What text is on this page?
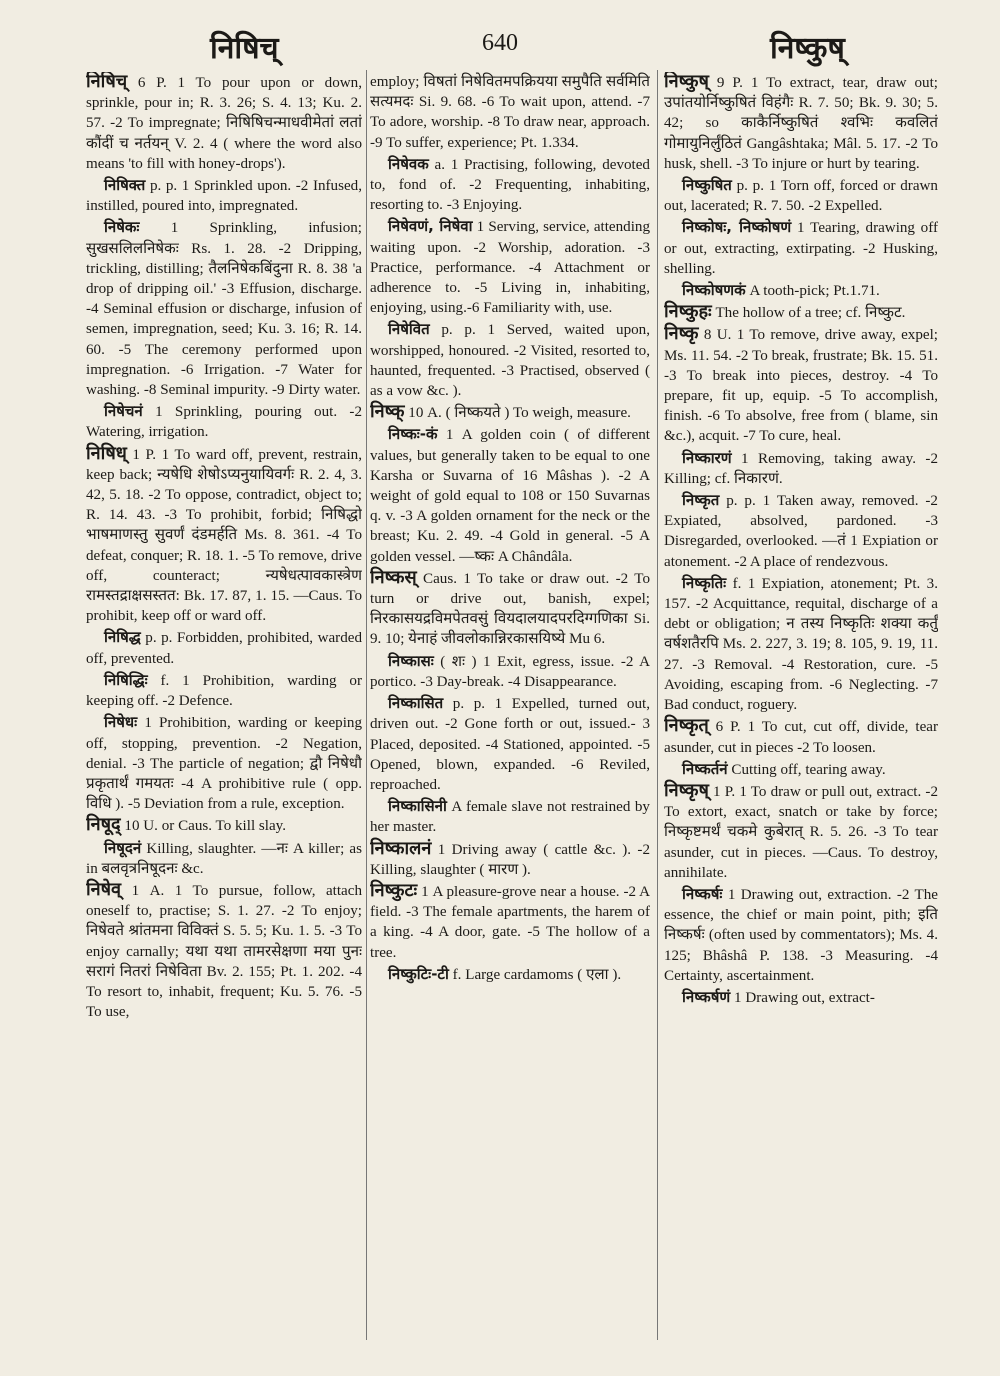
निषिच्	640	निष्कुष्

निषिच् 6 P. 1 To pour upon or down, sprinkle, pour in; R. 3. 26; S. 4. 13; Ku. 2. 57. -2 To impregnate; निषिषिचन्माधवीमेतां लतां कौंदीं च नर्तयन् V. 2. 4 ( where the word also means 'to fill with honey-drops').

निषिक्त p. p. 1 Sprinkled upon. -2 Infused, instilled, poured into, impregnated.

निषेकः 1 Sprinkling, infusion; सुखसलिलनिषेकः Rs. 1. 28. -2 Dripping, trickling, distilling; तैलनिषेकबिंदुना R. 8. 38 'a drop of dripping oil.' -3 Effusion, discharge. -4 Seminal effusion or discharge, infusion of semen, impregnation, seed; Ku. 3. 16; R. 14. 60. -5 The ceremony performed upon impregnation. -6 Irrigation. -7 Water for washing. -8 Seminal impurity. -9 Dirty water.

निषेचनं 1 Sprinkling, pouring out. -2 Watering, irrigation.

निषिध् 1 P. 1 To ward off, prevent, restrain, keep back; न्यषेधि शेषोऽप्यनुयायिवर्गः R. 2. 4, 3. 42, 5. 18. -2 To oppose, contradict, object to; R. 14. 43. -3 To prohibit, forbid; निषिद्धो भाषमाणस्तु सुवर्णं दंडमर्हति Ms. 8. 361. -4 To defeat, conquer; R. 18. 1. -5 To remove, drive off, counteract; न्यषेधत्पावकास्त्रेण रामस्तद्राक्षसस्तत: Bk. 17. 87, 1. 15. —Caus. To prohibit, keep off or ward off.

निषिद्ध p. p. Forbidden, prohibited, warded off, prevented.

निषिद्धिः f. 1 Prohibition, warding or keeping off. -2 Defence.

निषेधः 1 Prohibition, warding or keeping off, stopping, prevention. -2 Negation, denial. -3 The particle of negation; द्वौ निषेधौ प्रकृतार्थं गमयतः -4 A prohibitive rule ( opp. विधि ). -5 Deviation from a rule, exception.

निषूद् 10 U. or Caus. To kill slay.

निषूदनं Killing, slaughter. —नः A killer; as in बलवृत्रनिषूदनः &c.

निषेव् 1 A. 1 To pursue, follow, attach oneself to, practise; S. 1. 27. -2 To enjoy; निषेवते श्रांतमना विविक्तं S. 5. 5; Ku. 1. 5. -3 To enjoy carnally; यथा यथा तामरसेक्षणा मया पुनः सरागं नितरां निषेविता Bv. 2. 155; Pt. 1. 202. -4 To resort to, inhabit, frequent; Ku. 5. 76. -5 To use,

employ; विषतां निषेवितमपक्रियया समुपैति सर्वमिति सत्यमदः Si. 9. 68. -6 To wait upon, attend. -7 To adore, worship. -8 To draw near, approach. -9 To suffer, experience; Pt. 1.334.

निषेवक a. 1 Practising, following, devoted to, fond of. -2 Frequenting, inhabiting, resorting to. -3 Enjoying.

निषेवणं, निषेवा 1 Serving, service, attending waiting upon. -2 Worship, adoration. -3 Practice, performance. -4 Attachment or adherence to. -5 Living in, inhabiting, enjoying, using.-6 Familiarity with, use.

निषेवित p. p. 1 Served, waited upon, worshipped, honoured. -2 Visited, resorted to, haunted, frequented. -3 Practised, observed ( as a vow &c. ).

निष्क् 10 A. ( निष्कयते ) To weigh, measure.

निष्कः-कं 1 A golden coin ( of different values, but generally taken to be equal to one Karsha or Suvarna of 16 Mâshas ). -2 A weight of gold equal to 108 or 150 Suvarnas q. v. -3 A golden ornament for the neck or the breast; Ku. 2. 49. -4 Gold in general. -5 A golden vessel. —ष्कः A Chândâla.

निष्कस् Caus. 1 To take or draw out. -2 To turn or drive out, banish, expel; निरकासयद्रविमपेतवसुं वियदालयादपरदिग्गणिका Si. 9. 10; येनाहं जीवलोकान्निरकासयिष्ये Mu 6.

निष्कासः ( शः ) 1 Exit, egress, issue. -2 A portico. -3 Day-break. -4 Disappearance.

निष्कासित p. p. 1 Expelled, turned out, driven out. -2 Gone forth or out, issued.- 3 Placed, deposited. -4 Stationed, appointed. -5 Opened, blown, expanded. -6 Reviled, reproached.

निष्कासिनी A female slave not restrained by her master.

निष्कालनं 1 Driving away ( cattle &c. ). -2 Killing, slaughter ( मारण ).

निष्कुटः 1 A pleasure-grove near a house. -2 A field. -3 The female apartments, the harem of a king. -4 A door, gate. -5 The hollow of a tree.

निष्कुटिः-टी f. Large cardamoms ( एला ).

निष्कुष् 9 P. 1 To extract, tear, draw out; उपांतयोर्निष्कुषितं विहंगैः R. 7. 50; Bk. 9. 30; 5. 42; so काकैर्निष्कुषितं श्वभिः कवलितं गोमायुनिर्लुंठितं Gangâshtaka; Mâl. 5. 17. -2 To husk, shell. -3 To injure or hurt by tearing.

निष्कुषित p. p. 1 Torn off, forced or drawn out, lacerated; R. 7. 50. -2 Expelled.

निष्कोषः, निष्कोषणं 1 Tearing, drawing off or out, extracting, extirpating. -2 Husking, shelling.

निष्कोषणकं A tooth-pick; Pt.1.71.

निष्कुहः The hollow of a tree; cf. निष्कुट.

निष्कृ 8 U. 1 To remove, drive away, expel; Ms. 11. 54. -2 To break, frustrate; Bk. 15. 51. -3 To break into pieces, destroy. -4 To prepare, fit up, equip. -5 To accomplish, finish. -6 To absolve, free from ( blame, sin &c.), acquit. -7 To cure, heal.

निष्कारणं 1 Removing, taking away. -2 Killing; cf. निकारणं.

निष्कृत p. p. 1 Taken away, removed. -2 Expiated, absolved, pardoned. -3 Disregarded, overlooked. —तं 1 Expiation or atonement. -2 A place of rendezvous.

निष्कृतिः f. 1 Expiation, atonement; Pt. 3. 157. -2 Acquittance, requital, discharge of a debt or obligation; न तस्य निष्कृतिः शक्या कर्तुं वर्षशतैरपि Ms. 2. 227, 3. 19; 8. 105, 9. 19, 11. 27. -3 Removal. -4 Restoration, cure. -5 Avoiding, escaping from. -6 Neglecting. -7 Bad conduct, roguery.

निष्कृत् 6 P. 1 To cut, cut off, divide, tear asunder, cut in pieces -2 To loosen.

निष्कर्तनं Cutting off, tearing away.

निष्कृष् 1 P. 1 To draw or pull out, extract. -2 To extort, exact, snatch or take by force; निष्कृष्टमर्थं चकमे कुबेरात् R. 5. 26. -3 To tear asunder, cut in pieces. —Caus. To destroy, annihilate.

निष्कर्षः 1 Drawing out, extraction. -2 The essence, the chief or main point, pith; इति निष्कर्षः (often used by commentators); Ms. 4. 125; Bhâshâ P. 138. -3 Measuring. -4 Certainty, ascertainment.

निष्कर्षणं 1 Drawing out, extract-
